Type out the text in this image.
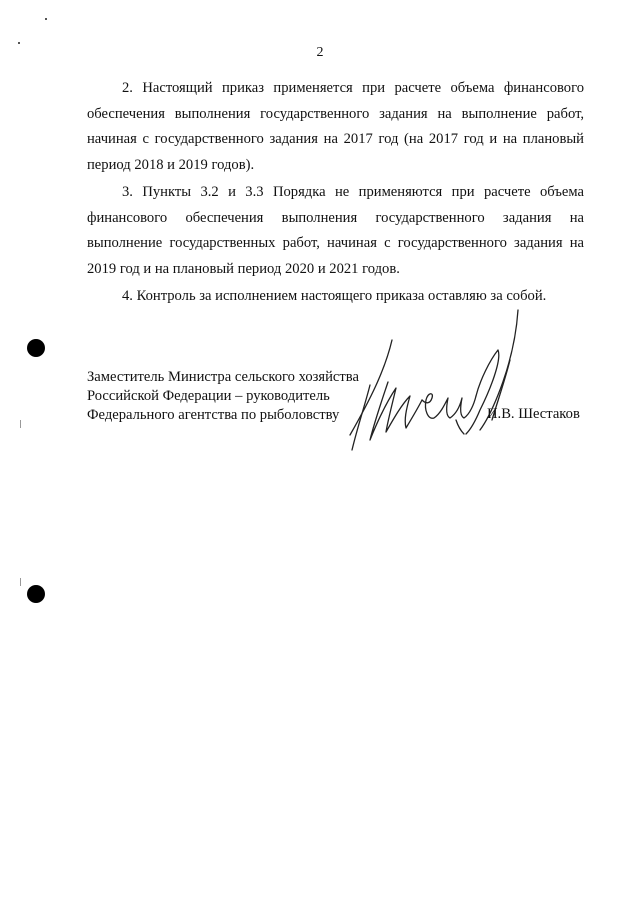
2

2. Настоящий приказ применяется при расчете объема финансового обеспечения выполнения государственного задания на выполнение работ, начиная с государственного задания на 2017 год (на 2017 год и на плановый период 2018 и 2019 годов).

3. Пункты 3.2 и 3.3 Порядка не применяются при расчете объема финансового обеспечения выполнения государственного задания на выполнение государственных работ, начиная с государственного задания на 2019 год и на плановый период 2020 и 2021 годов.

4. Контроль за исполнением настоящего приказа оставляю за собой.

Заместитель Министра сельского хозяйства
Российской Федерации – руководитель
Федерального агентства по рыболовству	И.В. Шестаков
